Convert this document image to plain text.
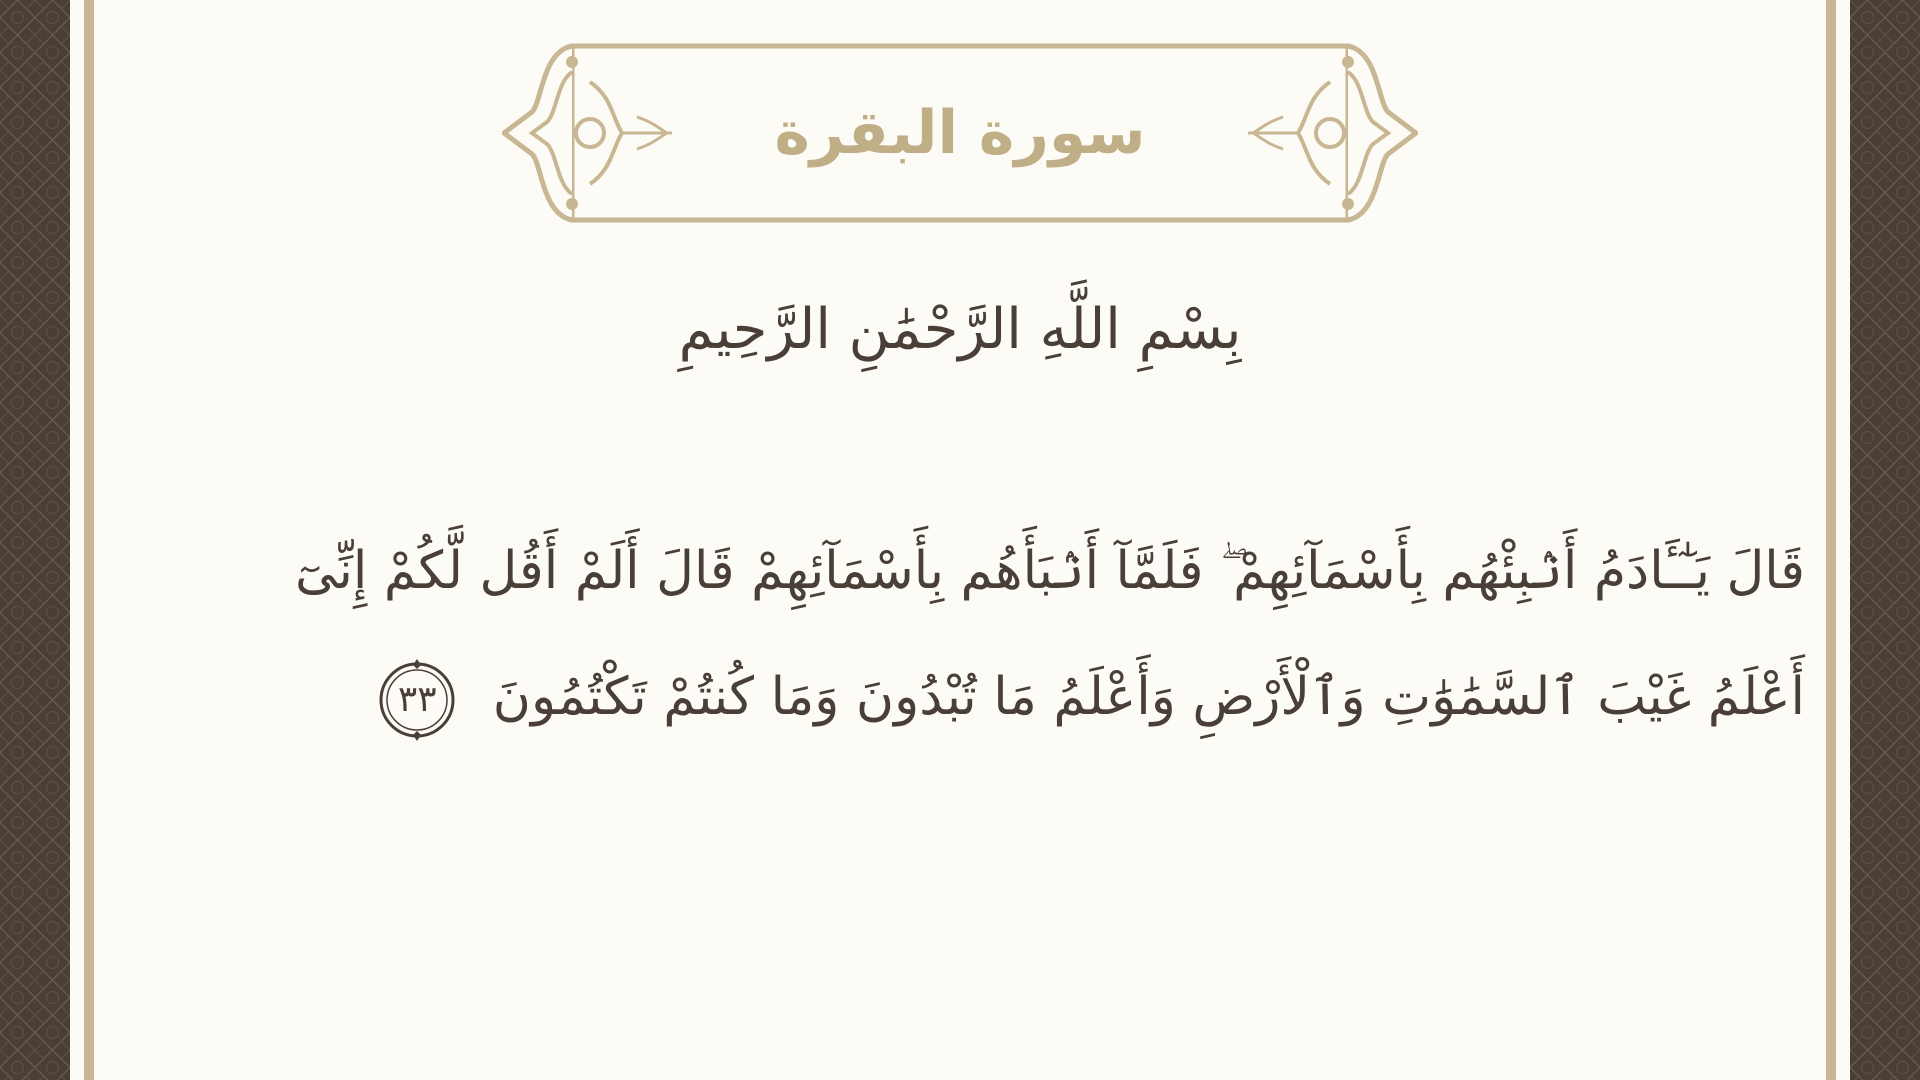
سورة البقرة
بِسْمِ اللَّهِ الرَّحْمَٰنِ الرَّحِيمِ
قَالَ يَـٰٓـَٔادَمُ أَنۢبِئْهُم بِأَسْمَآئِهِمْ ۖ فَلَمَّآ أَنۢبَأَهُم بِأَسْمَآئِهِمْ قَالَ أَلَمْ أَقُل لَّكُمْ إِنِّىٓ أَعْلَمُ غَيْبَ ٱلسَّمَٰوَٰتِ وَٱلْأَرْضِ وَأَعْلَمُ مَا تُبْدُونَ وَمَا كُنتُمْ تَكْتُمُونَ
٣٣
